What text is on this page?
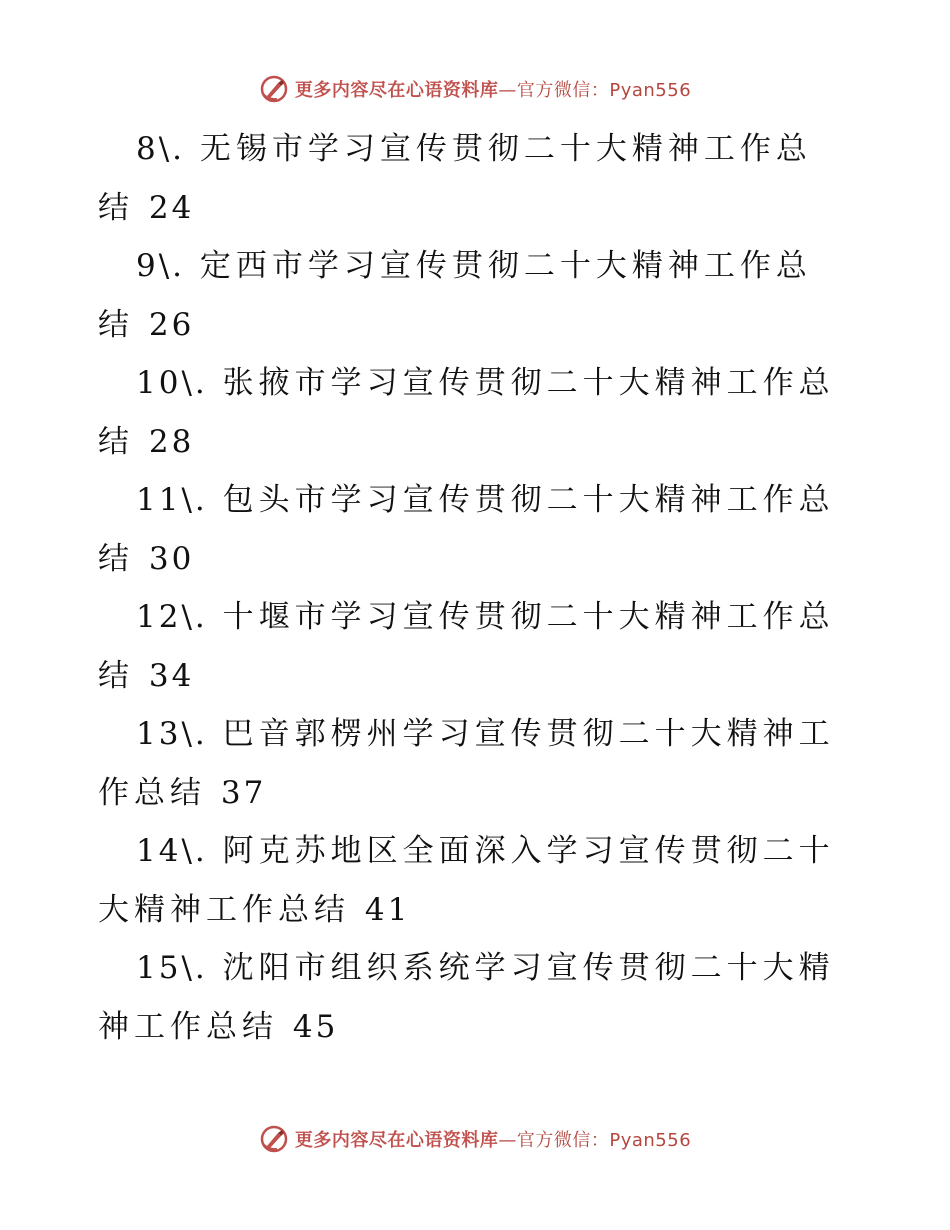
更多内容尽在心语资料库—官方微信：Pyan556
8\. 无锡市学习宣传贯彻二十大精神工作总结 24
9\. 定西市学习宣传贯彻二十大精神工作总结 26
10\. 张掖市学习宣传贯彻二十大精神工作总结 28
11\. 包头市学习宣传贯彻二十大精神工作总结 30
12\. 十堰市学习宣传贯彻二十大精神工作总结 34
13\. 巴音郭楞州学习宣传贯彻二十大精神工作总结 37
14\. 阿克苏地区全面深入学习宣传贯彻二十大精神工作总结 41
15\. 沈阳市组织系统学习宣传贯彻二十大精神工作总结 45
更多内容尽在心语资料库—官方微信：Pyan556
